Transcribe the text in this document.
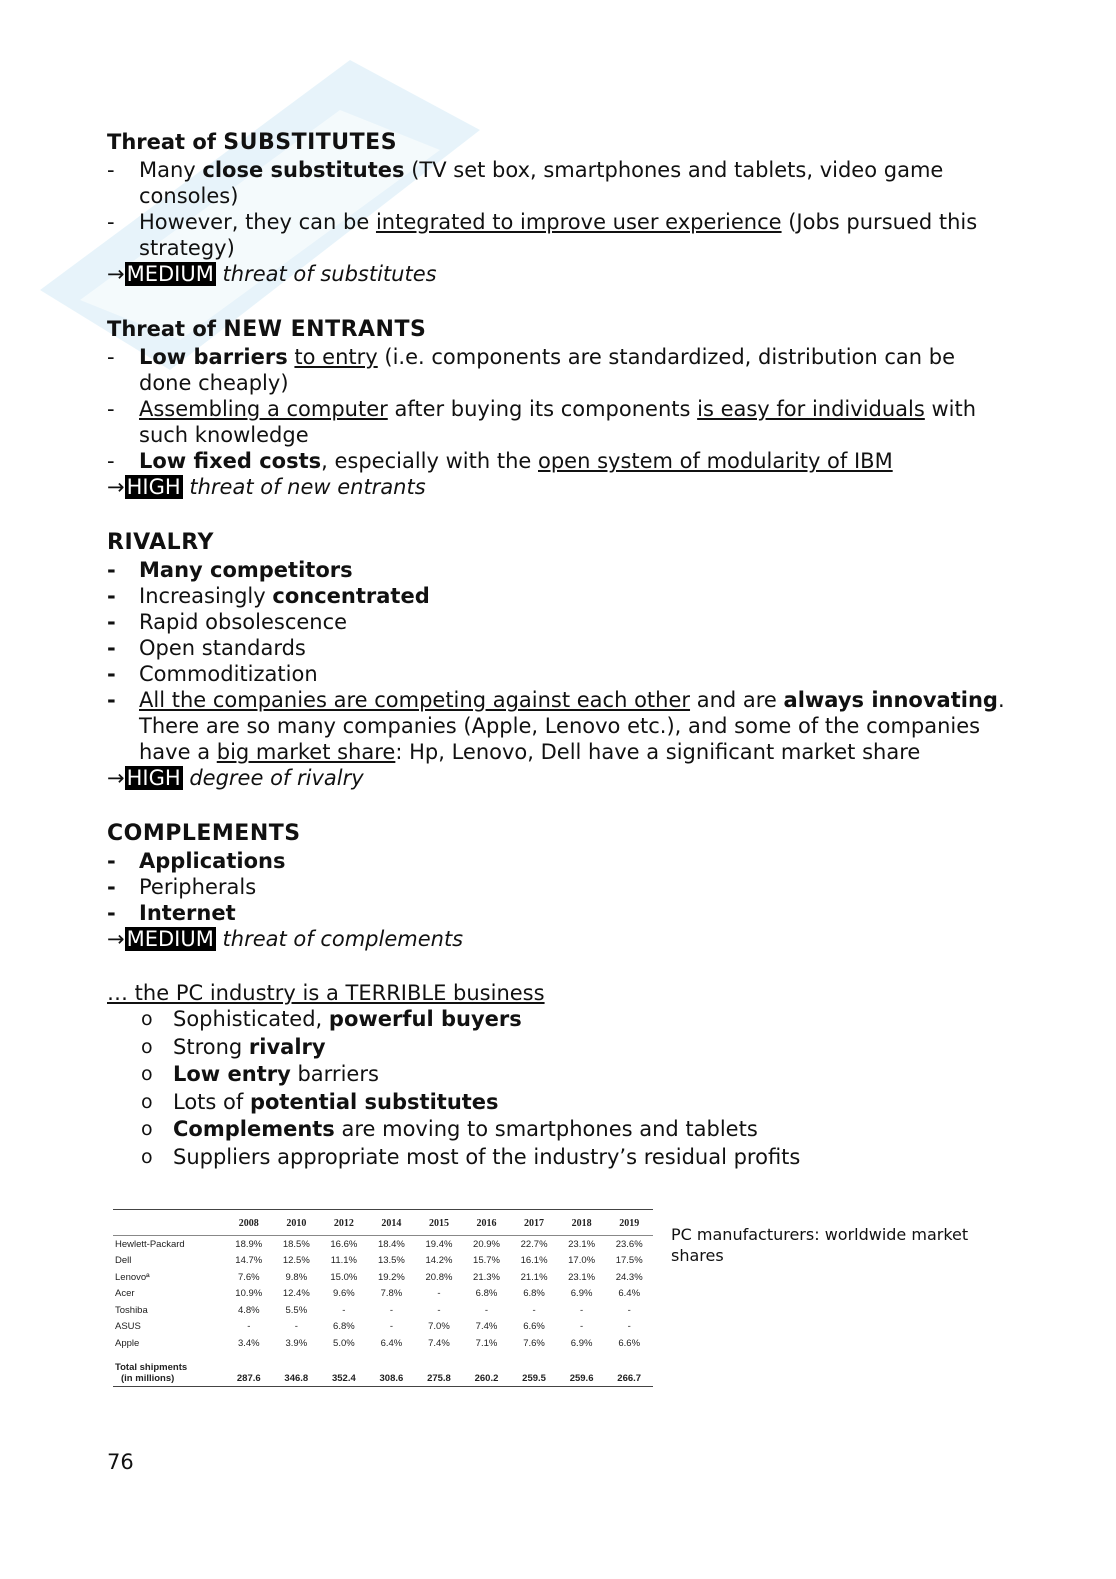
Threat of SUBSTITUTES

- Many close substitutes (TV set box, smartphones and tablets, video game consoles)

- However, they can be integrated to improve user experience (Jobs pursued this strategy)

→MEDIUM threat of substitutes

Threat of NEW ENTRANTS

- Low barriers to entry (i.e. components are standardized, distribution can be done cheaply)

- Assembling a computer after buying its components is easy for individuals with such knowledge

- Low fixed costs, especially with the open system of modularity of IBM

→HIGH threat of new entrants

RIVALRY

- Many competitors

- Increasingly concentrated

- Rapid obsolescence

- Open standards

- Commoditization

- All the companies are competing against each other and are always innovating. There are so many companies (Apple, Lenovo etc.), and some of the companies have a big market share: Hp, Lenovo, Dell have a significant market share

→HIGH degree of rivalry

COMPLEMENTS

- Applications

- Peripherals

- Internet

→MEDIUM threat of complements

… the PC industry is a TERRIBLE business

o Sophisticated, powerful buyers

o Strong rivalry

o Low entry barriers

o Lots of potential substitutes

o Complements are moving to smartphones and tablets

o Suppliers appropriate most of the industry’s residual profits

	2008	2010	2012	2014	2015	2016	2017	2018	2019
Hewlett-Packard	18.9%	18.5%	16.6%	18.4%	19.4%	20.9%	22.7%	23.1%	23.6%
Dell	14.7%	12.5%	11.1%	13.5%	14.2%	15.7%	16.1%	17.0%	17.5%
Lenovoª	7.6%	9.8%	15.0%	19.2%	20.8%	21.3%	21.1%	23.1%	24.3%
Acer	10.9%	12.4%	9.6%	7.8%	-	6.8%	6.8%	6.9%	6.4%
Toshiba	4.8%	5.5%	-	-	-	-	-	-	-
ASUS	-	-	6.8%	-	7.0%	7.4%	6.6%	-	-
Apple	3.4%	3.9%	5.0%	6.4%	7.4%	7.1%	7.6%	6.9%	6.6%

Total shipments
(in millions)	287.6	346.8	352.4	308.6	275.8	260.2	259.5	259.6	266.7
PC manufacturers: worldwide market shares
76
